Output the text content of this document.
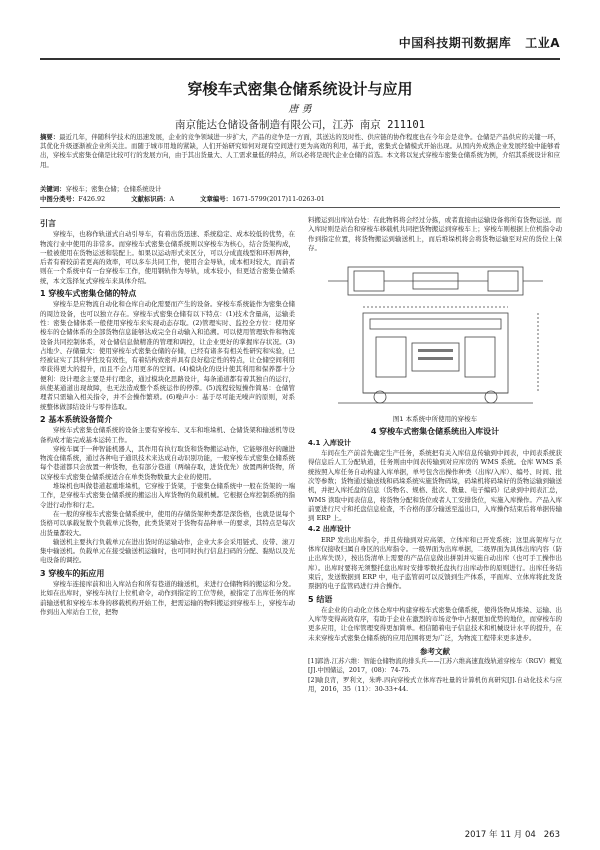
中国科技期刊数据库 工业A
穿梭车式密集仓储系统设计与应用
唐 勇
南京能达仓储设备制造有限公司，江苏 南京 211101
摘要：最近几年，伴随科学技术的迅速发展，企业的竞争领域进一步扩大，产品的竞争是一方面，其送达的及时性、供应链的协作程度也在今年会是竞争。仓储是产品供应的关键一环，其优化升级逐渐被企业所关注。而随于城市用地的紧缺，人们开始研究如何对现有空间进行更为高效的利用，基于此，密集式仓储模式开始出现。从国内外成熟企业发展经验中能够看出，穿梭车式密集仓储是比较可行的发展方向，由于其出货量大、人工需求量低的特点，所以必将是现代企业仓储的首选。本文将以复式穿梭车密集仓储系统为例，介绍其系统设计和应用。
关键词：穿梭车；密集仓储；仓储系统设计
中图分类号：F426.92	文献标识码：A	文章编号：1671-5799(2017)11-0263-01
引言

穿梭车，也称作轨道式自动引导车，有着出货迅速、系统稳定、成本较低的优势，在物流行业中使用的非常多。而穿梭车式密集仓储系统则以穿梭车为核心，结合货架构成，一般被使用在货物运送和装配上。如果以运动形式来区分，可以分成直线型和环形两种，后者有着较前者更高的效率，可以多车共同工作，使用合金导轨，成本相对较大，而前者则在一个系统中有一台穿梭车工作，使用钢轨作为导轨，成本较小，但更适合密集仓储系统，本文选择复式穿梭车来具体介绍。

1 穿梭车式密集仓储的特点

穿梭车是应物流自动化和仓库自动化需要而产生的设备。穿梭车系统能作为密集仓储的周边设备，也可以独立存在。穿梭车式密集仓储有以下特点：(1)技术含量高，运输柔性：密集仓储体系一般使用穿梭车来实现动态存取。(2)管理实时、监控全方位：使用穿梭车的仓储体系的全部货物信息能够达成完全自动输入和追溯。可以使用管理软件和物流设备共同控制体系，对仓储信息做精准的管理和调控，让企业更好的掌握库存状况。(3)占地少、存储量大：使用穿梭车式密集仓储的存储，已经有诸多有相关性研究和实验，已经被证实了其科学性及有效性，有着结构致密并具有良好稳定性的特点，让仓储空间利用率获得更大的提升，而且不会占用更多的空间。(4)模块化的设计使其利用和保养都十分便利：设计理念主要是并行理念，通过模块化思路设计，每条通道都有着其独自的运行，纵使某通道出现故障，也无法造成整个系统运作的停滞。(5)流程较短操作简易：仓储管理者只需输入相关指令，并不会操作繁琐。(6)噪声小：基于尽可能无噪声的原则，对系统整体做部结设计与零件选取。

2 基本系统设备简介

穿梭车式密集仓储系统的设备主要有穿梭车、叉车和堆垛机、仓储货架和输送机等设备构成才能完成基本运转工作。

穿梭车属于一种智能机器人，其作用有执行取货和货物搬运动作，它能够很好的融进物流仓储系统，通过各种电子通讯技术来达成自动识别功能，一般穿梭车式密集仓储系统每个巷道都只会放置一种货物，也有部分巷道（两端存取，进货优先）放置两种货物，所以穿梭车式密集仓储系统适合在单类货物数量大企业的使用。

堆垛机也叫做巷道起重堆垛机，它穿梭于货架，于密集仓储系统中一般在货架的一端工作，是穿梭车式密集仓储系统的搬运出入库货物的负载机械。它根据仓库控制系统的指令进行动作和行走。

在一般的穿梭车式密集仓储系统中，使用的存储货架种类都是深货格，也就是说每个货格可以承载复数个负载单元货物，此类货架对于货物有品种单一的要求，其特点是每次出货量都较大。

输送机主要执行负载单元在进出货时的运输动作，企业大多会采用链式、皮带、滚刀集中输送机。负载单元在接受输送机运输时，也可同时执行信息扫码的分配、黏贴以及光电设备的调控。

3 穿梭车的拓应用

穿梭车连接库前和出入库站台和所有巷道的输送机，来进行仓储物料的搬运和分发。比如在出库时，穿梭车执行上位机命令，动作到指定的工位等候，被指定了出库任务的库前输送机和穿梭车本身的移载机构开始工作，把需运输的物料搬运到穿梭车上，穿梭车动作到出入库站台工位，把物

料搬运到出库站台处：在此物料将会经过分拣，或者直接由运输设备将所有货物运送。而入库时则是站台和穿梭车移载机共同把货物搬运到穿梭车上；穿梭车则根据上位机指令动作到指定位置，将货物搬运到输送机上，而后堆垛机将会将货物运输至对应的货位上保存。

图1 本系统中所使用的穿梭车
4 穿梭车式密集仓储系统出入库设计
4.1 入库设计

车间在生产前首先确定生产任务，系统把有关入库信息传输到中间表，中间表系统获得信息后人工分配轨道，任务则由中间表传输到对应库房的 WMS 系统。仓库 WMS 系统按照入库任务自动构建入库单据，单号包含出操作种类（出库/入库）、编号、时间、批次等参数；货物通过输送线和码垛系统实施货物码垛，码垛机将码垛好的货物运输到输送机，并把入库托盘的信息（货物名、规格、批次、数量、电子编码）记录到中间表汇总，WMS 读取中间表信息，将货物分配和货位或者人工安排货位，实施入库操作。产品入库前要进行尺寸和托盘信息检查，不合格的部分输送至溢出口，入库操作结束后将单据传输到 ERP 上。

4.2 出库设计

ERP 发出出库指令，并且传输到对应高架、立体库和已开发系统；这里高架库与立体库仅接收归属自身区的出库指令。一级界面为出库单据，二级界面为具体出库内容（防止出库失误），按出货清单上需要的产品信息做出拼别并实施自动出库（也可手工操作出库）。出库时要将无须整托盘出库时安排零数托盘执行出库动作的原则进行。出库任务结束后，发送数据到 ERP 中，电子监管码可以反馈到生产体系，平面库、立体库将此发货票据的电子监管码进行并合操作。

5 结语

在企业的自动化立体仓库中构建穿梭车式密集仓储系统，使得货物从堆垛、运输、出入库等变得高效有序，有助于企业在激烈的市场竞争中占据更加优势的地位，而穿梭车的更多应用，让仓库管理变得更加简单。相信随着电子信息技术和机械设计水平的提升，在未来穿梭车式密集仓储系统的应用范围将更为广泛，为物流工程带来更多进步。

参考文献

[1]郭浩.江苏六维：智能仓储物流的排头兵——江苏六维高速直线轨道穿梭车（RGV）概览[J].中国储运，2017，(08)：74-75.

[2]喻良宵，罗利文，朱晔.四向穿梭式立体库吞吐量的计算机仿真研究[J].自动化技术与应用，2016，35（11）：30-33+44.

2017 年 11 月 04 263
